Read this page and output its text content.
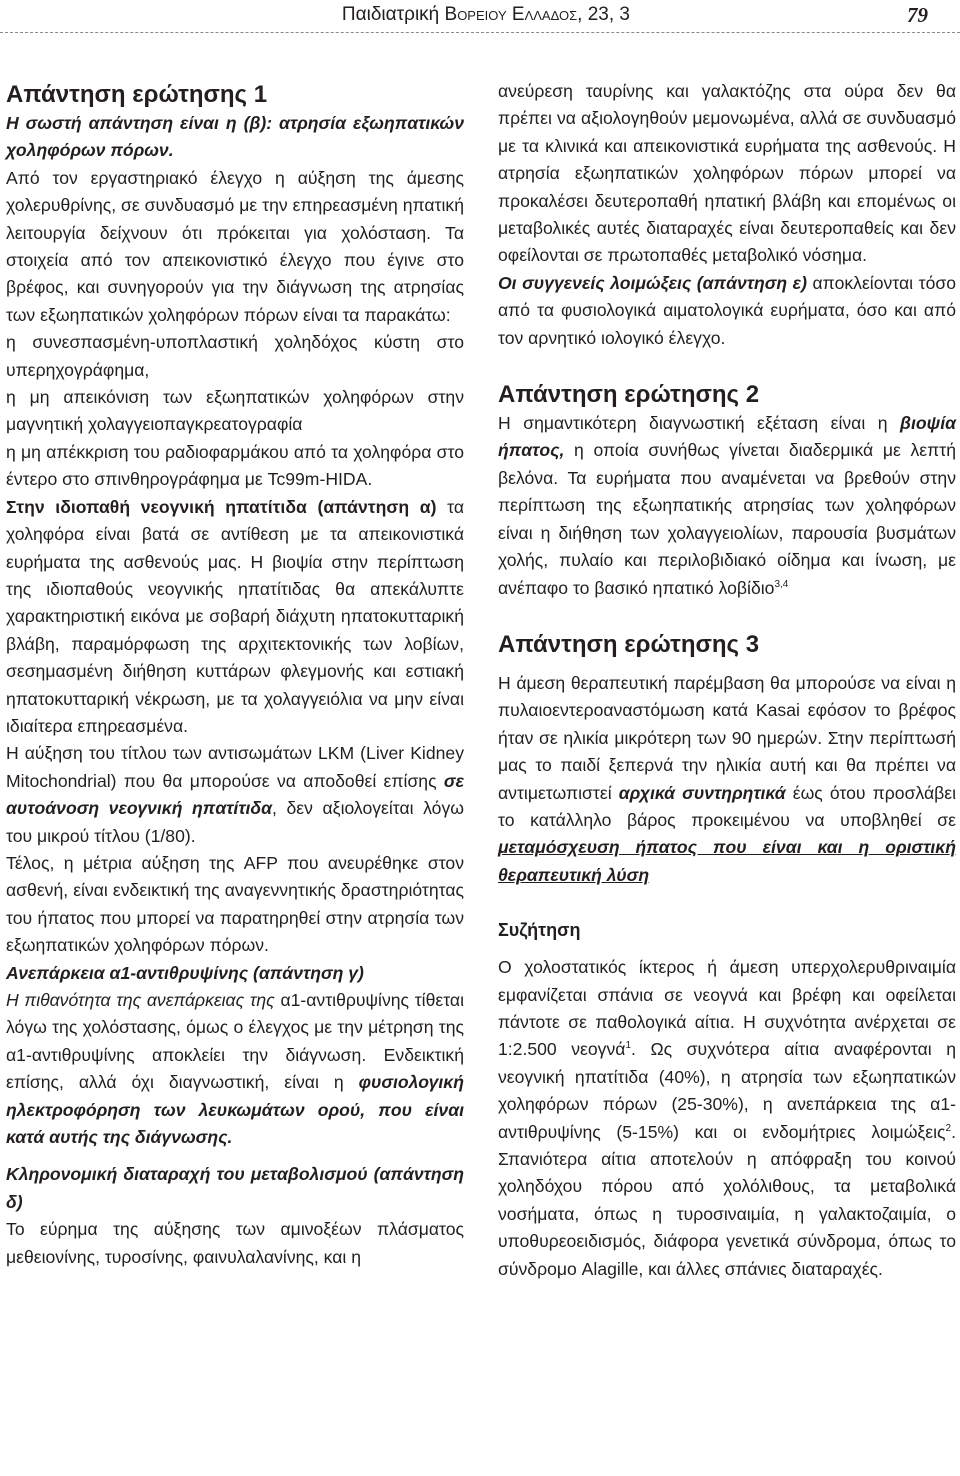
Παιδιατρική Βορειου Ελλαδος, 23, 3	79
Απάντηση ερώτησης 1

Η σωστή απάντηση είναι η (β): ατρησία εξωηπατικών χοληφόρων πόρων.

Από τον εργαστηριακό έλεγχο η αύξηση της άμεσης χολερυθρίνης, σε συνδυασμό με την επηρεασμένη ηπατική λειτουργία δείχνουν ότι πρόκειται για χολόσταση. Τα στοιχεία από τον απεικονιστικό έλεγχο που έγινε στο βρέφος, και συνηγορούν για την διάγνωση της ατρησίας των εξωηπατικών χοληφόρων πόρων είναι τα παρακάτω:

η συνεσπασμένη-υποπλαστική χοληδόχος κύστη στο υπερηχογράφημα,

η μη απεικόνιση των εξωηπατικών χοληφόρων στην μαγνητική χολαγγειοπαγκρεατογραφία

η μη απέκκριση του ραδιοφαρμάκου από τα χοληφόρα στο έντερο στο σπινθηρογράφημα με Tc99m-HIDA.

Στην ιδιοπαθή νεογνική ηπατίτιδα (απάντηση α) τα χοληφόρα είναι βατά σε αντίθεση με τα απεικονιστικά ευρήματα της ασθενούς μας. Η βιοψία στην περίπτωση της ιδιοπαθούς νεογνικής ηπατίτιδας θα απεκάλυπτε χαρακτηριστική εικόνα με σοβαρή διάχυτη ηπατοκυτταρική βλάβη, παραμόρφωση της αρχιτεκτονικής των λοβίων, σεσημασμένη διήθηση κυττάρων φλεγμονής και εστιακή ηπατοκυτταρική νέκρωση, με τα χολαγγειόλια να μην είναι ιδιαίτερα επηρεασμένα.

Η αύξηση του τίτλου των αντισωμάτων LKM (Liver Kidney Mitochondrial) που θα μπορούσε να αποδοθεί επίσης σε αυτοάνοση νεογνική ηπατίτιδα, δεν αξιολογείται λόγω του μικρού τίτλου (1/80).

Τέλος, η μέτρια αύξηση της AFP που ανευρέθηκε στον ασθενή, είναι ενδεικτική της αναγεννητικής δραστηριότητας του ήπατος που μπορεί να παρατηρηθεί στην ατρησία των εξωηπατικών χοληφόρων πόρων.

Ανεπάρκεια α1-αντιθρυψίνης (απάντηση γ)

Η πιθανότητα της ανεπάρκειας της α1-αντιθρυψίνης τίθεται λόγω της χολόστασης, όμως ο έλεγχος με την μέτρηση της α1-αντιθρυψίνης αποκλείει την διάγνωση. Ενδεικτική επίσης, αλλά όχι διαγνωστική, είναι η φυσιολογική ηλεκτροφόρηση των λευκωμάτων ορού, που είναι κατά αυτής της διάγνωσης.

Κληρονομική διαταραχή του μεταβολισμού (απάντηση δ)

Το εύρημα της αύξησης των αμινοξέων πλάσματος μεθειονίνης, τυροσίνης, φαινυλαλανίνης, και η

ανεύρεση ταυρίνης και γαλακτόζης στα ούρα δεν θα πρέπει να αξιολογηθούν μεμονωμένα, αλλά σε συνδυασμό με τα κλινικά και απεικονιστικά ευρήματα της ασθενούς. Η ατρησία εξωηπατικών χοληφόρων πόρων μπορεί να προκαλέσει δευτεροπαθή ηπατική βλάβη και επομένως οι μεταβολικές αυτές διαταραχές είναι δευτεροπαθείς και δεν οφείλονται σε πρωτοπαθές μεταβολικό νόσημα.

Οι συγγενείς λοιμώξεις (απάντηση ε) αποκλείονται τόσο από τα φυσιολογικά αιματολογικά ευρήματα, όσο και από τον αρνητικό ιολογικό έλεγχο.

Απάντηση ερώτησης 2

Η σημαντικότερη διαγνωστική εξέταση είναι η βιοψία ήπατος, η οποία συνήθως γίνεται διαδερμικά με λεπτή βελόνα. Τα ευρήματα που αναμένεται να βρεθούν στην περίπτωση της εξωηπατικής ατρησίας των χοληφόρων είναι η διήθηση των χολαγγειολίων, παρουσία βυσμάτων χολής, πυλαίο και περιλοβιδιακό οίδημα και ίνωση, με ανέπαφο το βασικό ηπατικό λοβίδιο$^{3,4}$

Απάντηση ερώτησης 3

Η άμεση θεραπευτική παρέμβαση θα μπορούσε να είναι η πυλαιοεντεροαναστόμωση κατά Kasai εφόσον το βρέφος ήταν σε ηλικία μικρότερη των 90 ημερών. Στην περίπτωσή μας το παιδί ξεπερνά την ηλικία αυτή και θα πρέπει να αντιμετωπιστεί αρχικά συντηρητικά έως ότου προσλάβει το κατάλληλο βάρος προκειμένου να υποβληθεί σε μεταμόσχευση ήπατος που είναι και η οριστική θεραπευτική λύση

Συζήτηση

Ο χολοστατικός ίκτερος ή άμεση υπερχολερυθριναιμία εμφανίζεται σπάνια σε νεογνά και βρέφη και οφείλεται πάντοτε σε παθολογικά αίτια. Η συχνότητα ανέρχεται σε 1:2.500 νεογνά$^1$. Ως συχνότερα αίτια αναφέρονται η νεογνική ηπατίτιδα (40%), η ατρησία των εξωηπατικών χοληφόρων πόρων (25-30%), η ανεπάρκεια της α1-αντιθρυψίνης (5-15%) και οι ενδομήτριες λοιμώξεις$^2$. Σπανιότερα αίτια αποτελούν η απόφραξη του κοινού χοληδόχου πόρου από χολόλιθους, τα μεταβολικά νοσήματα, όπως η τυροσιναιμία, η γαλακτοζαιμία, ο υποθυρεοειδισμός, διάφορα γενετικά σύνδρομα, όπως το σύνδρομο Alagille, και άλλες σπάνιες διαταραχές.
